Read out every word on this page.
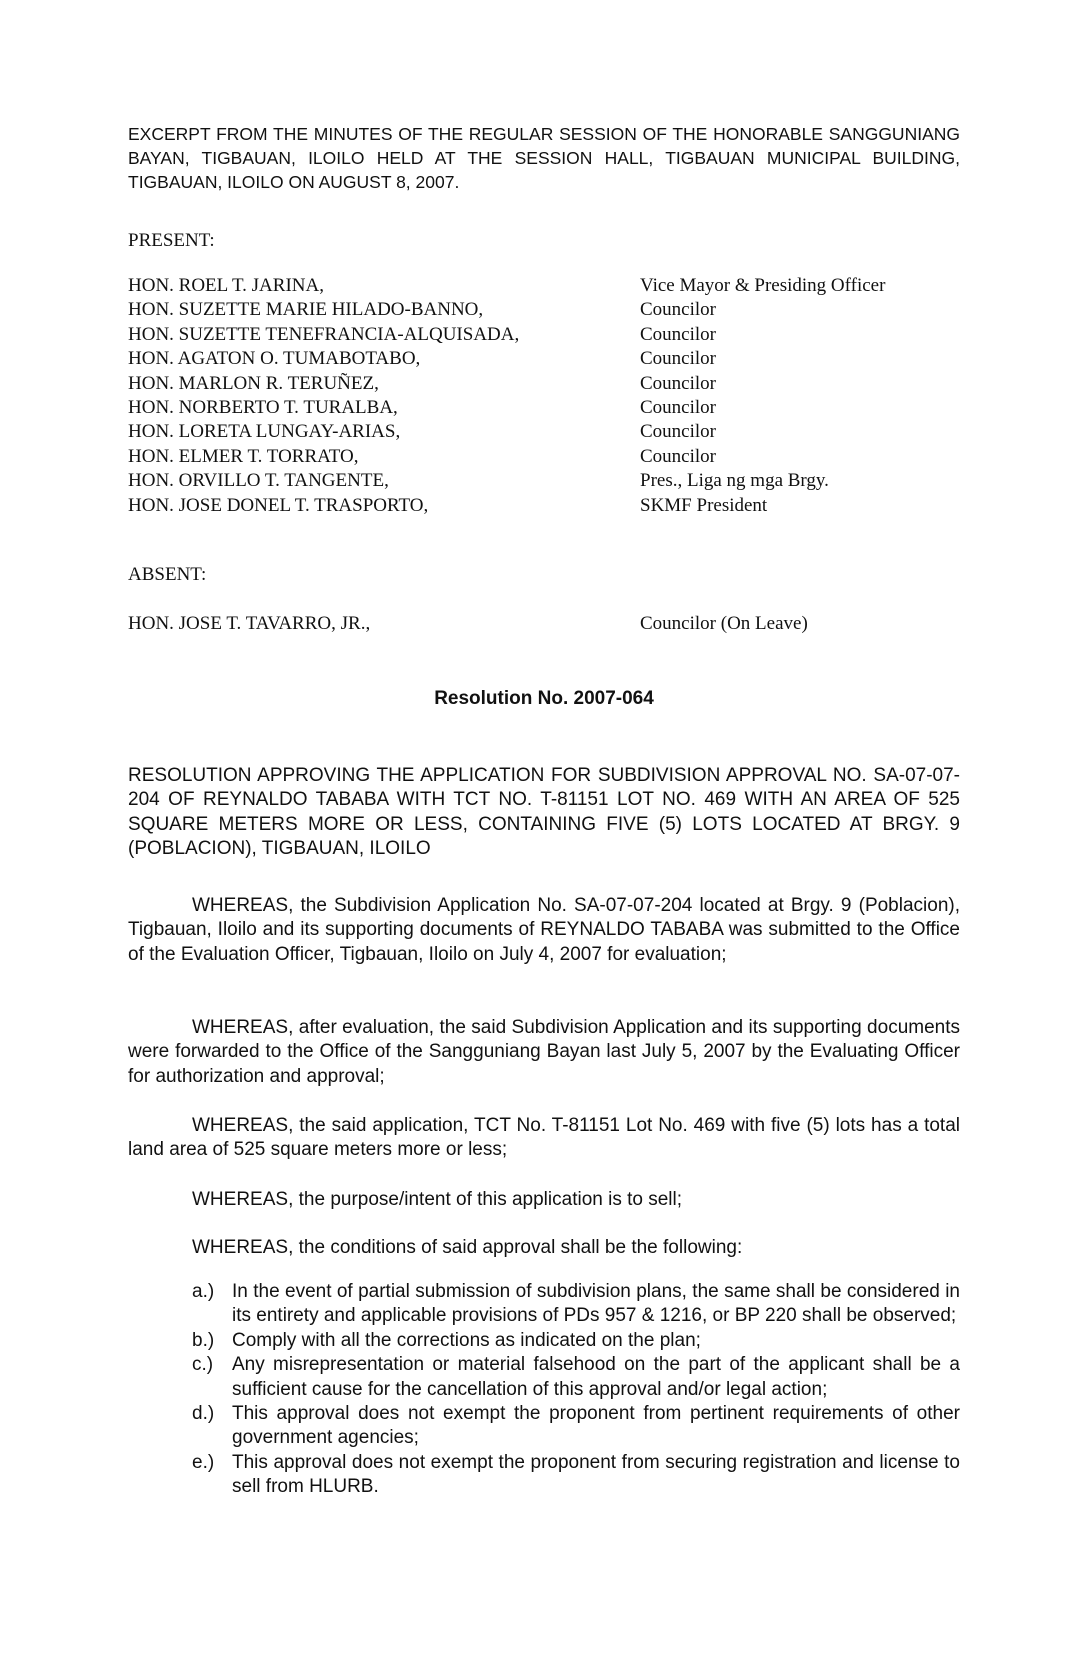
EXCERPT FROM THE MINUTES OF THE REGULAR SESSION OF THE HONORABLE SANGGUNIANG BAYAN, TIGBAUAN, ILOILO HELD AT THE SESSION HALL, TIGBAUAN MUNICIPAL BUILDING, TIGBAUAN, ILOILO ON AUGUST 8, 2007.

PRESENT:
HON. ROEL T. JARINA,	Vice Mayor & Presiding Officer
HON. SUZETTE MARIE HILADO-BANNO,	Councilor
HON. SUZETTE TENEFRANCIA-ALQUISADA,	Councilor
HON. AGATON O. TUMABOTABO,	Councilor
HON. MARLON R. TERUÑEZ,	Councilor
HON. NORBERTO T. TURALBA,	Councilor
HON. LORETA LUNGAY-ARIAS,	Councilor
HON. ELMER T. TORRATO,	Councilor
HON. ORVILLO T. TANGENTE,	Pres., Liga ng mga Brgy.
HON. JOSE DONEL T. TRASPORTO,	SKMF President
ABSENT:
HON. JOSE T. TAVARRO, JR.,	Councilor (On Leave)
Resolution No. 2007-064

RESOLUTION APPROVING THE APPLICATION FOR SUBDIVISION APPROVAL NO. SA-07-07-204 OF REYNALDO TABABA WITH TCT NO. T-81151 LOT NO. 469 WITH AN AREA OF 525 SQUARE METERS MORE OR LESS, CONTAINING FIVE (5) LOTS LOCATED AT BRGY. 9 (POBLACION), TIGBAUAN, ILOILO

WHEREAS, the Subdivision Application No. SA-07-07-204 located at Brgy. 9 (Poblacion), Tigbauan, Iloilo and its supporting documents of REYNALDO TABABA was submitted to the Office of the Evaluation Officer, Tigbauan, Iloilo on July 4, 2007 for evaluation;

WHEREAS, after evaluation, the said Subdivision Application and its supporting documents were forwarded to the Office of the Sangguniang Bayan last July 5, 2007 by the Evaluating Officer for authorization and approval;

WHEREAS, the said application, TCT No. T-81151 Lot No. 469 with five (5) lots has a total land area of 525 square meters more or less;

WHEREAS, the purpose/intent of this application is to sell;

WHEREAS, the conditions of said approval shall be the following:

a.) In the event of partial submission of subdivision plans, the same shall be considered in its entirety and applicable provisions of PDs 957 & 1216, or BP 220 shall be observed;
b.) Comply with all the corrections as indicated on the plan;
c.) Any misrepresentation or material falsehood on the part of the applicant shall be a sufficient cause for the cancellation of this approval and/or legal action;
d.) This approval does not exempt the proponent from pertinent requirements of other government agencies;
e.) This approval does not exempt the proponent from securing registration and license to sell from HLURB.
